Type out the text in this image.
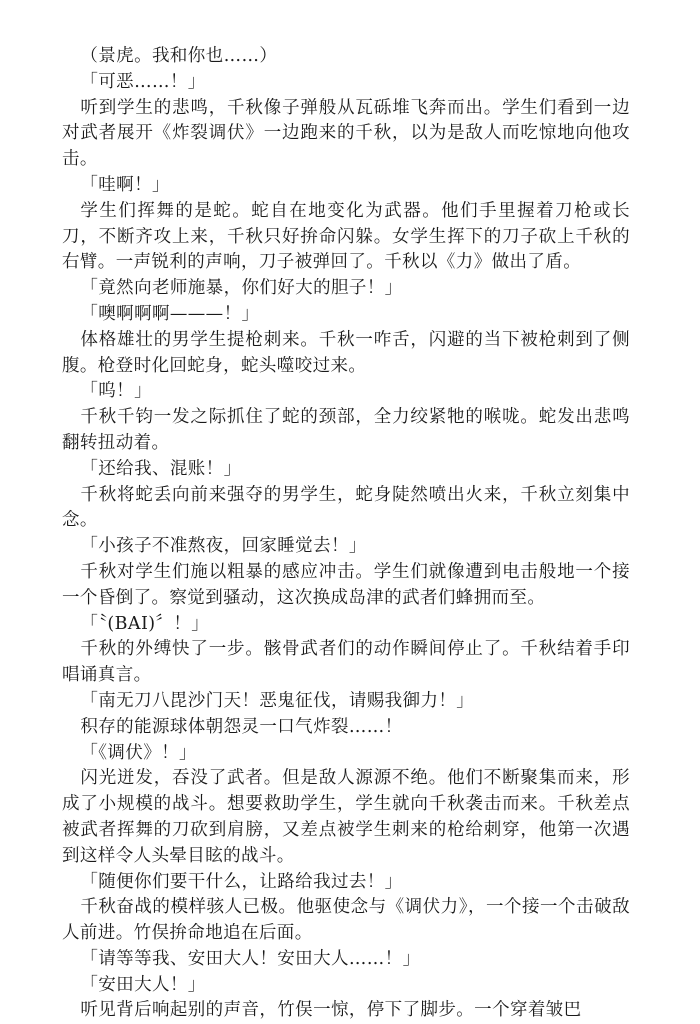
（景虎。我和你也……）

「可恶……！」

听到学生的悲鸣，千秋像子弹般从瓦砾堆飞奔而出。学生们看到一边对武者展开《炸裂调伏》一边跑来的千秋，以为是敌人而吃惊地向他攻击。

「哇啊！」

学生们挥舞的是蛇。蛇自在地变化为武器。他们手里握着刀枪或长刀，不断齐攻上来，千秋只好拚命闪躲。女学生挥下的刀子砍上千秋的右臂。一声锐利的声响，刀子被弹回了。千秋以《力》做出了盾。

「竟然向老师施暴，你们好大的胆子！」

「噢啊啊啊———！」

体格雄壮的男学生提枪刺来。千秋一咋舌，闪避的当下被枪刺到了侧腹。枪登时化回蛇身，蛇头噬咬过来。

「呜！」

千秋千钧一发之际抓住了蛇的颈部，全力绞紧牠的喉咙。蛇发出悲鸣翻转扭动着。

「还给我、混账！」

千秋将蛇丢向前来强夺的男学生，蛇身陡然喷出火来，千秋立刻集中念。

「小孩子不准熬夜，回家睡觉去！」

千秋对学生们施以粗暴的感应冲击。学生们就像遭到电击般地一个接一个昏倒了。察觉到骚动，这次换成岛津的武者们蜂拥而至。

「〝(BAI)〞！」

千秋的外缚快了一步。骸骨武者们的动作瞬间停止了。千秋结着手印唱诵真言。

「南无刀八毘沙门天！恶鬼征伐，请赐我御力！」

积存的能源球体朝怨灵一口气炸裂……！

「《调伏》！」

闪光迸发，吞没了武者。但是敌人源源不绝。他们不断聚集而来，形成了小规模的战斗。想要救助学生，学生就向千秋袭击而来。千秋差点被武者挥舞的刀砍到肩膀，又差点被学生刺来的枪给刺穿，他第一次遇到这样令人头晕目眩的战斗。

「随便你们要干什么，让路给我过去！」

千秋奋战的模样骇人已极。他驱使念与《调伏力》，一个接一个击破敌人前进。竹俣拚命地追在后面。

「请等等我、安田大人！安田大人……！」

「安田大人！」

听见背后响起别的声音，竹俣一惊，停下了脚步。一个穿着皱巴
